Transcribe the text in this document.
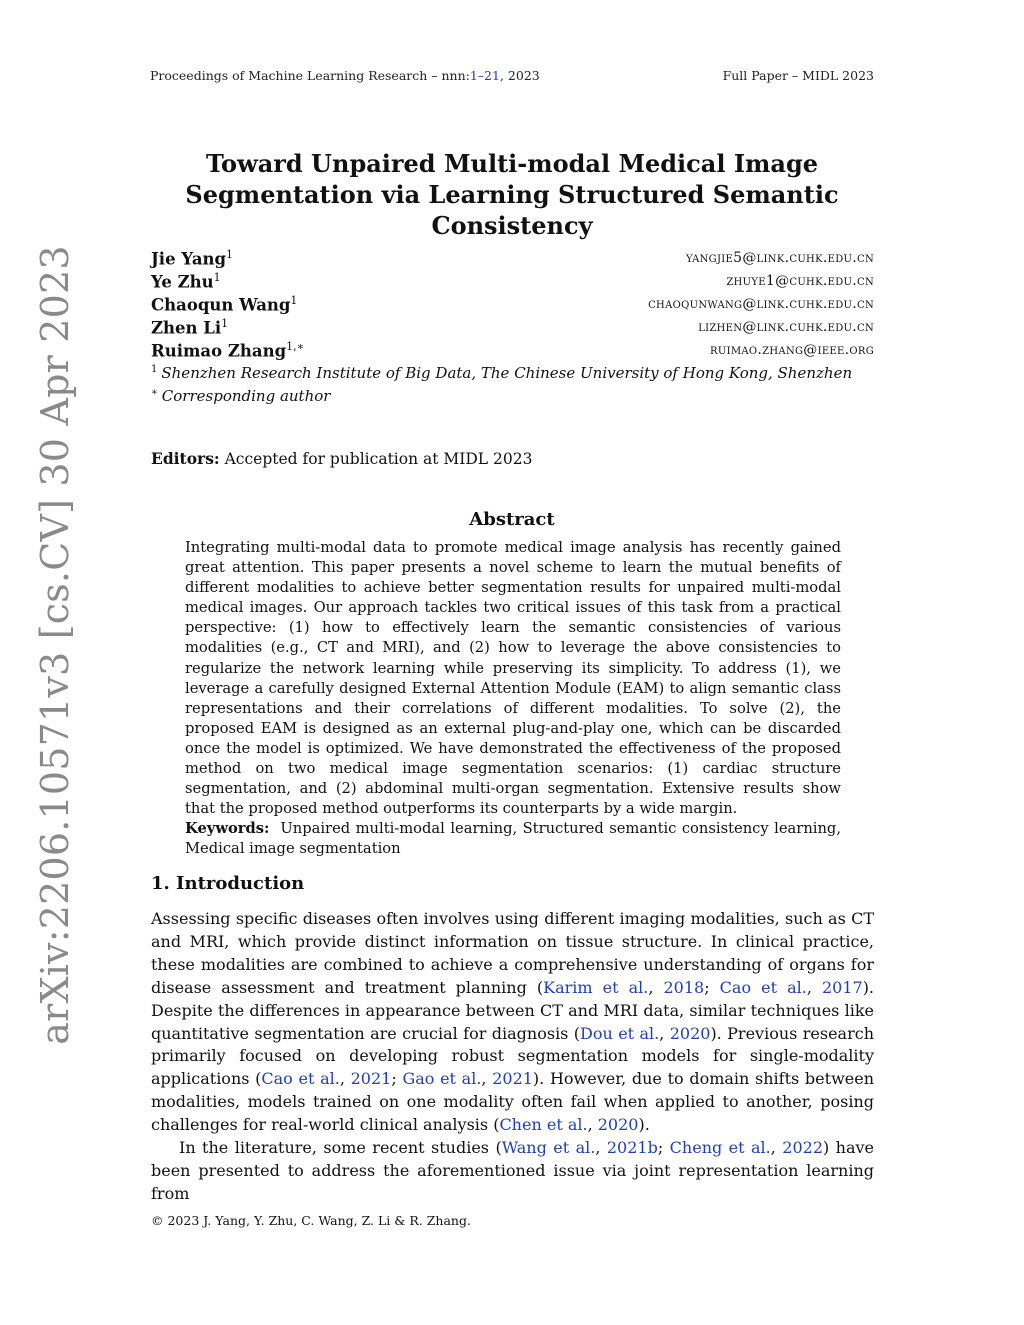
Proceedings of Machine Learning Research – nnn:1–21, 2023	Full Paper – MIDL 2023
arXiv:2206.10571v3 [cs.CV] 30 Apr 2023
Toward Unpaired Multi-modal Medical Image Segmentation via Learning Structured Semantic Consistency
Jie Yang$^1$	yangjie5@link.cuhk.edu.cn
Ye Zhu$^1$	zhuye1@cuhk.edu.cn
Chaoqun Wang$^1$	chaoqunwang@link.cuhk.edu.cn
Zhen Li$^1$	lizhen@link.cuhk.edu.cn
Ruimao Zhang$^{1,∗}$	ruimao.zhang@ieee.org
$^1$ Shenzhen Research Institute of Big Data, The Chinese University of Hong Kong, Shenzhen
∗ Corresponding author
Editors: Accepted for publication at MIDL 2023
Abstract

Integrating multi-modal data to promote medical image analysis has recently gained great attention. This paper presents a novel scheme to learn the mutual benefits of different modalities to achieve better segmentation results for unpaired multi-modal medical images. Our approach tackles two critical issues of this task from a practical perspective: (1) how to effectively learn the semantic consistencies of various modalities (e.g., CT and MRI), and (2) how to leverage the above consistencies to regularize the network learning while preserving its simplicity. To address (1), we leverage a carefully designed External Attention Module (EAM) to align semantic class representations and their correlations of different modalities. To solve (2), the proposed EAM is designed as an external plug-and-play one, which can be discarded once the model is optimized. We have demonstrated the effectiveness of the proposed method on two medical image segmentation scenarios: (1) cardiac structure segmentation, and (2) abdominal multi-organ segmentation. Extensive results show that the proposed method outperforms its counterparts by a wide margin.

Keywords: Unpaired multi-modal learning, Structured semantic consistency learning, Medical image segmentation

1. Introduction

Assessing specific diseases often involves using different imaging modalities, such as CT and MRI, which provide distinct information on tissue structure. In clinical practice, these modalities are combined to achieve a comprehensive understanding of organs for disease assessment and treatment planning (Karim et al., 2018; Cao et al., 2017). Despite the differences in appearance between CT and MRI data, similar techniques like quantitative segmentation are crucial for diagnosis (Dou et al., 2020). Previous research primarily focused on developing robust segmentation models for single-modality applications (Cao et al., 2021; Gao et al., 2021). However, due to domain shifts between modalities, models trained on one modality often fail when applied to another, posing challenges for real-world clinical analysis (Chen et al., 2020).

In the literature, some recent studies (Wang et al., 2021b; Cheng et al., 2022) have been presented to address the aforementioned issue via joint representation learning from

© 2023 J. Yang, Y. Zhu, C. Wang, Z. Li & R. Zhang.
